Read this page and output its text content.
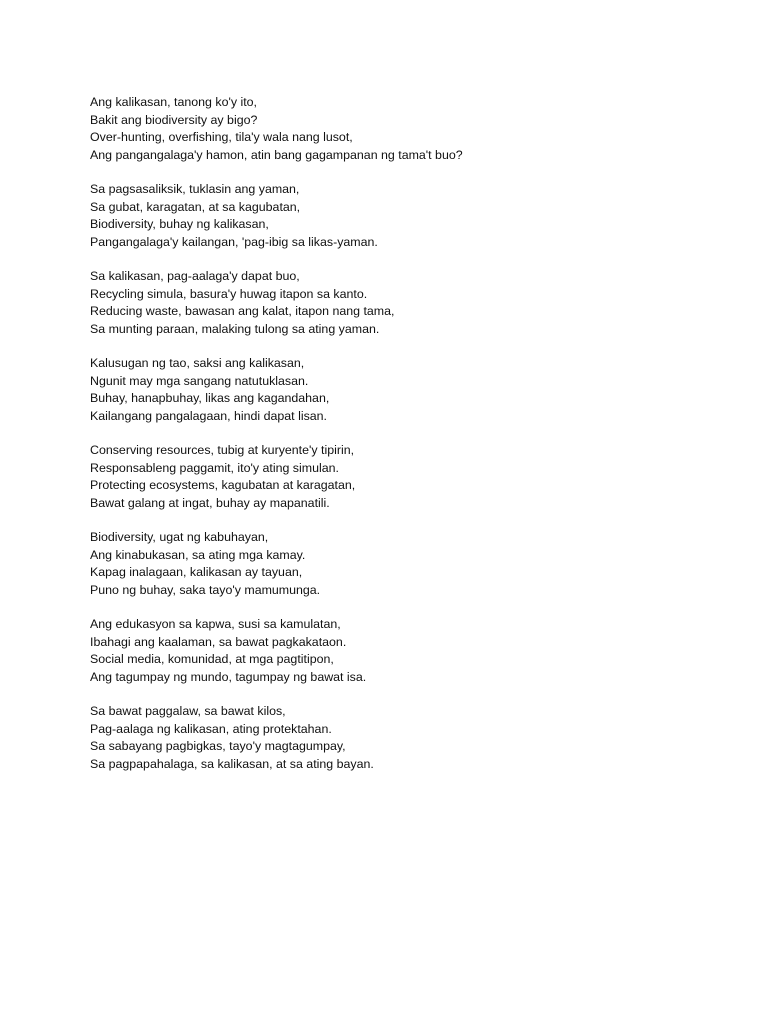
Ang kalikasan, tanong ko'y ito,
Bakit ang biodiversity ay bigo?
Over-hunting, overfishing, tila'y wala nang lusot,
Ang pangangalaga'y hamon, atin bang gagampanan ng tama't buo?
Sa pagsasaliksik, tuklasin ang yaman,
Sa gubat, karagatan, at sa kagubatan,
Biodiversity, buhay ng kalikasan,
Pangangalaga'y kailangan, 'pag-ibig sa likas-yaman.
Sa kalikasan, pag-aalaga'y dapat buo,
Recycling simula, basura'y huwag itapon sa kanto.
Reducing waste, bawasan ang kalat, itapon nang tama,
Sa munting paraan, malaking tulong sa ating yaman.
Kalusugan ng tao, saksi ang kalikasan,
Ngunit may mga sangang natutuklasan.
Buhay, hanapbuhay, likas ang kagandahan,
Kailangang pangalagaan, hindi dapat lisan.
Conserving resources, tubig at kuryente'y tipirin,
Responsableng paggamit, ito'y ating simulan.
Protecting ecosystems, kagubatan at karagatan,
Bawat galang at ingat, buhay ay mapanatili.
Biodiversity, ugat ng kabuhayan,
Ang kinabukasan, sa ating mga kamay.
Kapag inalagaan, kalikasan ay tayuan,
Puno ng buhay, saka tayo'y mamumunga.
Ang edukasyon sa kapwa, susi sa kamulatan,
Ibahagi ang kaalaman, sa bawat pagkakataon.
Social media, komunidad, at mga pagtitipon,
Ang tagumpay ng mundo, tagumpay ng bawat isa.
Sa bawat paggalaw, sa bawat kilos,
Pag-aalaga ng kalikasan, ating protektahan.
Sa sabayang pagbigkas, tayo'y magtagumpay,
Sa pagpapahalaga, sa kalikasan, at sa ating bayan.
